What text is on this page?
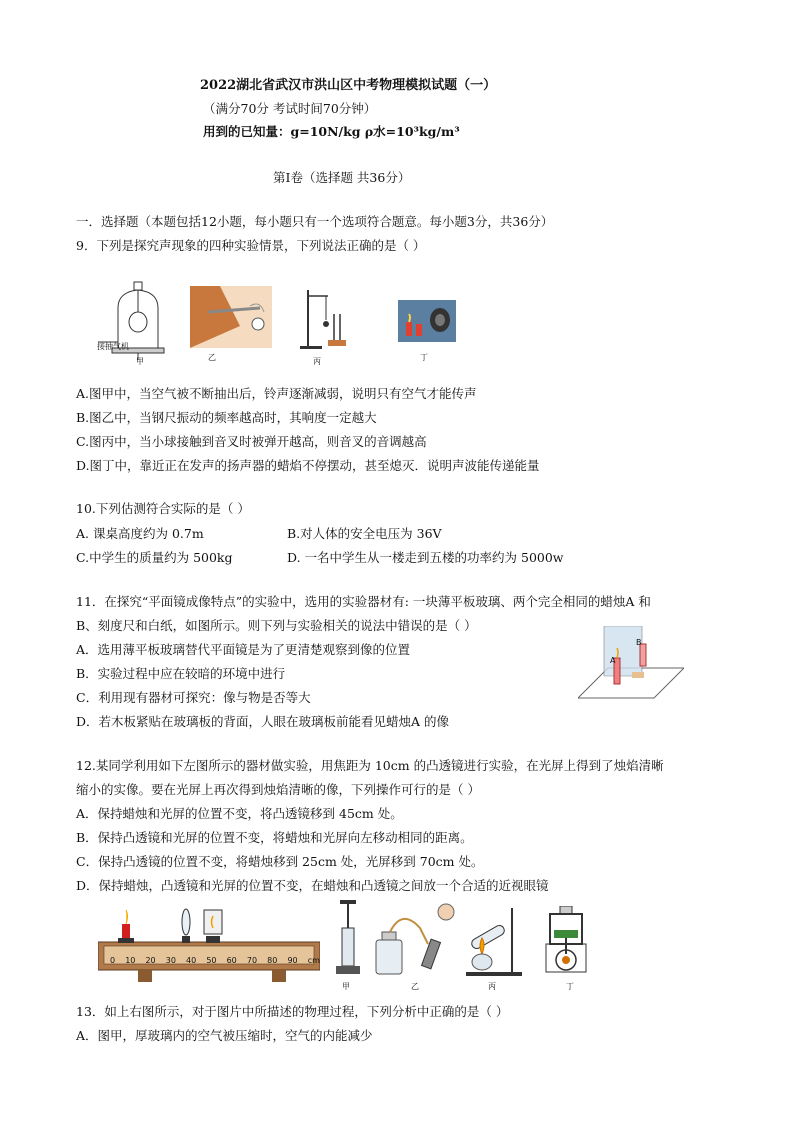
2022湖北省武汉市洪山区中考物理模拟试题（一）
（满分70分 考试时间70分钟）
用到的已知量：g=10N/kg ρ水=10³kg/m³
第Ⅰ卷（选择题 共36分）
一．选择题（本题包括12小题，每小题只有一个选项符合题意。每小题3分，共36分）
9．下列是探究声现象的四种实验情景，下列说法正确的是（ ）
接抽气机
甲	乙	丙	丁
A.图甲中，当空气被不断抽出后，铃声逐渐减弱，说明只有空气才能传声
B.图乙中，当钢尺振动的频率越高时，其响度一定越大
C.图丙中，当小球接触到音叉时被弹开越高，则音叉的音调越高
D.图丁中，靠近正在发声的扬声器的蜡焰不停摆动，甚至熄灭．说明声波能传递能量
10.下列估测符合实际的是（ ）
A. 课桌高度约为 0.7m	B.对人体的安全电压为 36V
C.中学生的质量约为 500kg	D. 一名中学生从一楼走到五楼的功率约为 5000w
11．在探究“平面镜成像特点”的实验中，选用的实验器材有: 一块薄平板玻璃、两个完全相同的蜡烛A 和
B、刻度尺和白纸，如图所示。则下列与实验相关的说法中错误的是（ ）
A．选用薄平板玻璃替代平面镜是为了更清楚观察到像的位置
B．实验过程中应在较暗的环境中进行
C．利用现有器材可探究：像与物是否等大
D．若木板紧贴在玻璃板的背面，人眼在玻璃板前能看见蜡烛A 的像
A
B
12.某同学利用如下左图所示的器材做实验，用焦距为 10cm 的凸透镜进行实验，在光屏上得到了烛焰清晰
缩小的实像。要在光屏上再次得到烛焰清晰的像，下列操作可行的是（ ）
A．保持蜡烛和光屏的位置不变，将凸透镜移到 45cm 处。
B．保持凸透镜和光屏的位置不变，将蜡烛和光屏向左移动相同的距离。
C．保持凸透镜的位置不变，将蜡烛移到 25cm 处，光屏移到 70cm 处。
D．保持蜡烛，凸透镜和光屏的位置不变，在蜡烛和凸透镜之间放一个合适的近视眼镜
0 10 20 30 40 50 60 70 80 90 cm
甲	乙	丙	丁
13．如上右图所示，对于图片中所描述的物理过程，下列分析中正确的是（ ）
A．图甲，厚玻璃内的空气被压缩时，空气的内能减少
